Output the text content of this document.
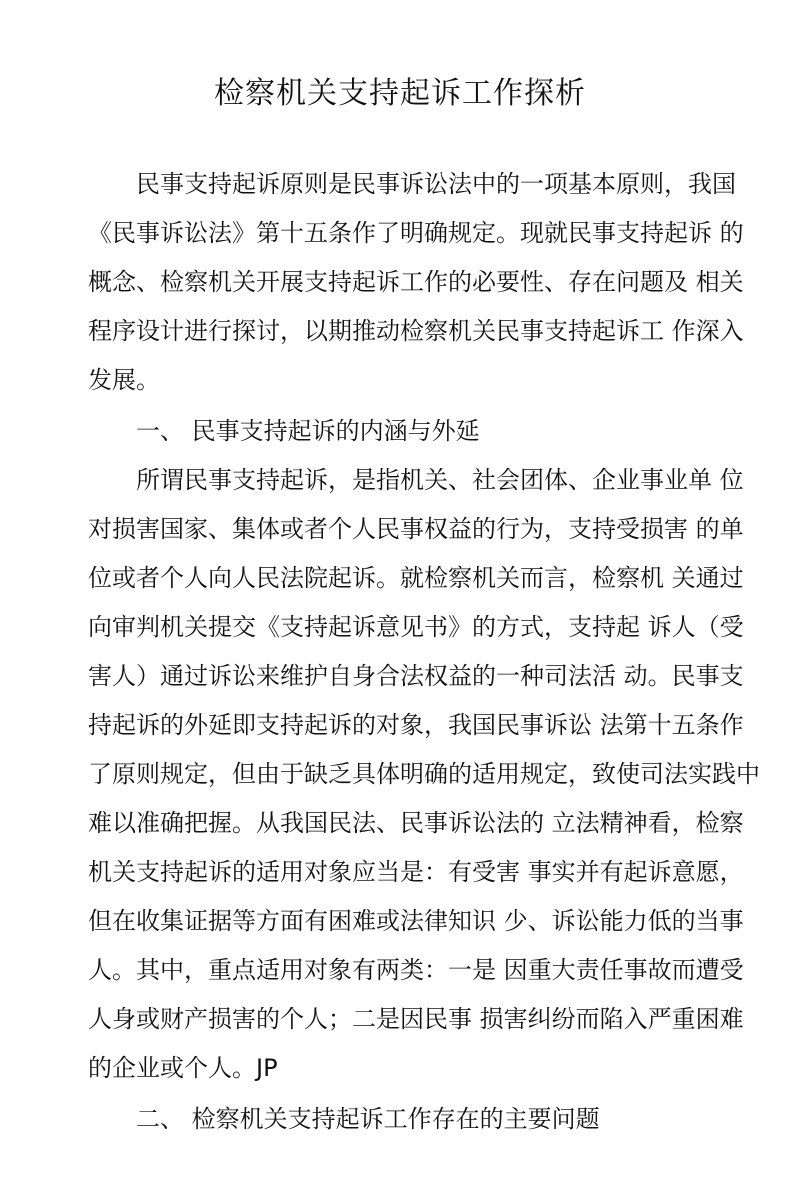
检察机关支持起诉工作探析
　　民事支持起诉原则是民事诉讼法中的一项基本原则，我国
《民事诉讼法》第十五条作了明确规定。现就民事支持起诉 的
概念、检察机关开展支持起诉工作的必要性、存在问题及 相关
程序设计进行探讨，以期推动检察机关民事支持起诉工 作深入
发展。
　　一、 民事支持起诉的内涵与外延
　　所谓民事支持起诉，是指机关、社会团体、企业事业单 位
对损害国家、集体或者个人民事权益的行为，支持受损害 的单
位或者个人向人民法院起诉。就检察机关而言，检察机 关通过
向审判机关提交《支持起诉意见书》的方式，支持起 诉人（受
害人）通过诉讼来维护自身合法权益的一种司法活 动。民事支
持起诉的外延即支持起诉的对象，我国民事诉讼 法第十五条作
了原则规定，但由于缺乏具体明确的适用规定，致使司法实践中
难以准确把握。从我国民法、民事诉讼法的 立法精神看，检察
机关支持起诉的适用对象应当是：有受害 事实并有起诉意愿，
但在收集证据等方面有困难或法律知识 少、诉讼能力低的当事
人。其中，重点适用对象有两类：一是 因重大责任事故而遭受
人身或财产损害的个人；二是因民事 损害纠纷而陷入严重困难
的企业或个人。JP
　　二、 检察机关支持起诉工作存在的主要问题
